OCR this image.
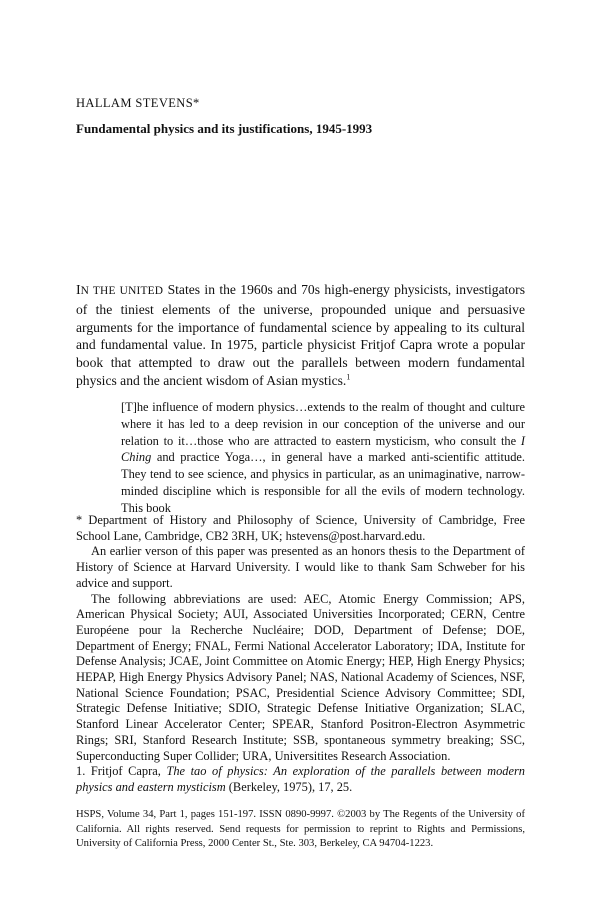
HALLAM STEVENS*
Fundamental physics and its justifications, 1945-1993
IN THE UNITED States in the 1960s and 70s high-energy physicists, investigators of the tiniest elements of the universe, propounded unique and persuasive arguments for the importance of fundamental science by appealing to its cultural and fundamental value. In 1975, particle physicist Fritjof Capra wrote a popular book that attempted to draw out the parallels between modern fundamental physics and the ancient wisdom of Asian mystics.$^1$
[T]he influence of modern physics…extends to the realm of thought and culture where it has led to a deep revision in our conception of the universe and our relation to it…those who are attracted to eastern mysticism, who consult the I Ching and practice Yoga…, in general have a marked anti-scientific attitude. They tend to see science, and physics in particular, as an unimaginative, narrow-minded discipline which is responsible for all the evils of modern technology. This book

* Department of History and Philosophy of Science, University of Cambridge, Free School Lane, Cambridge, CB2 3RH, UK; hstevens@post.harvard.edu.

An earlier verson of this paper was presented as an honors thesis to the Department of History of Science at Harvard University. I would like to thank Sam Schweber for his advice and support.

The following abbreviations are used: AEC, Atomic Energy Commission; APS, American Physical Society; AUI, Associated Universities Incorporated; CERN, Centre Européene pour la Recherche Nucléaire; DOD, Department of Defense; DOE, Department of Energy; FNAL, Fermi National Accelerator Laboratory; IDA, Institute for Defense Analysis; JCAE, Joint Committee on Atomic Energy; HEP, High Energy Physics; HEPAP, High Energy Physics Advisory Panel; NAS, National Academy of Sciences, NSF, National Science Foundation; PSAC, Presidential Science Advisory Committee; SDI, Strategic Defense Initiative; SDIO, Strategic Defense Initiative Organization; SLAC, Stanford Linear Accelerator Center; SPEAR, Stanford Positron-Electron Asymmetric Rings; SRI, Stanford Research Institute; SSB, spontaneous symmetry breaking; SSC, Superconducting Super Collider; URA, Universitites Research Association.

1. Fritjof Capra, The tao of physics: An exploration of the parallels between modern physics and eastern mysticism (Berkeley, 1975), 17, 25.

HSPS, Volume 34, Part 1, pages 151-197. ISSN 0890-9997. ©2003 by The Regents of the University of California. All rights reserved. Send requests for permission to reprint to Rights and Permissions, University of California Press, 2000 Center St., Ste. 303, Berkeley, CA 94704-1223.
